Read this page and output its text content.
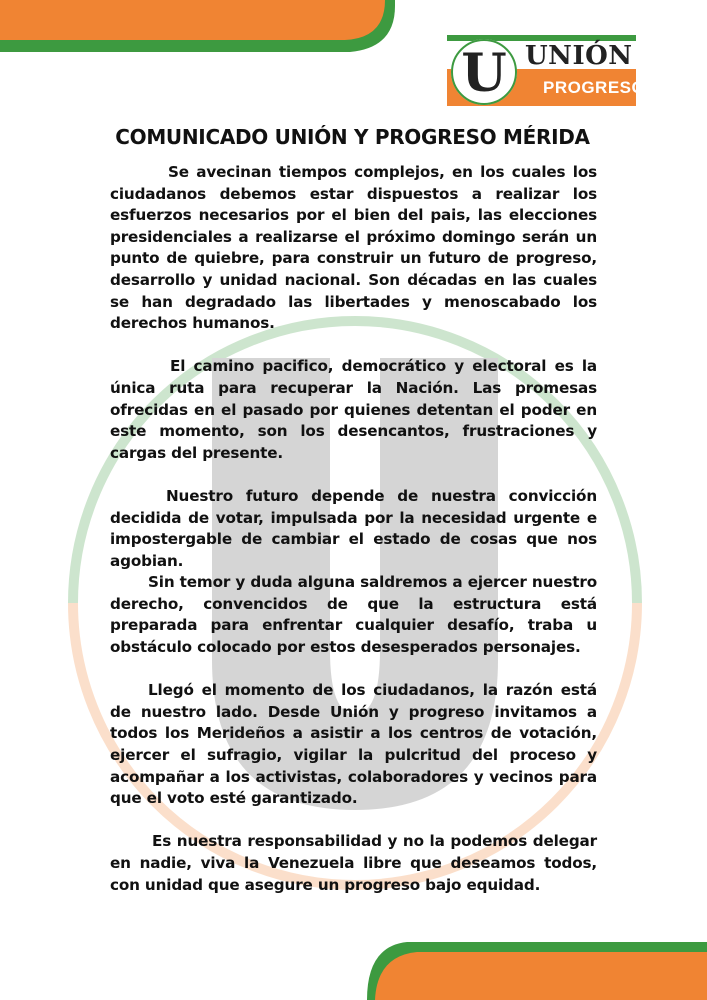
U UNIÓN
PROGRESO
COMUNICADO UNIÓN Y PROGRESO MÉRIDA

Se avecinan tiempos complejos, en los cuales los ciudadanos debemos estar dispuestos a realizar los esfuerzos necesarios por el bien del pais, las elecciones presidenciales a realizarse el próximo domingo serán un punto de quiebre, para construir un futuro de progreso, desarrollo y unidad nacional. Son décadas en las cuales se han degradado las libertades y menoscabado los derechos humanos.

El camino pacifico, democrático y electoral es la única ruta para recuperar la Nación. Las promesas ofrecidas en el pasado por quienes detentan el poder en este momento, son los desencantos, frustraciones y cargas del presente.

Nuestro futuro depende de nuestra convicción decidida de votar, impulsada por la necesidad urgente e impostergable de cambiar el estado de cosas que nos agobian.

Sin temor y duda alguna saldremos a ejercer nuestro derecho, convencidos de que la estructura está preparada para enfrentar cualquier desafío, traba u obstáculo colocado por estos desesperados personajes.

Llegó el momento de los ciudadanos, la razón está de nuestro lado. Desde Unión y progreso invitamos a todos los Merideños a asistir a los centros de votación, ejercer el sufragio, vigilar la pulcritud del proceso y acompañar a los activistas, colaboradores y vecinos para que el voto esté garantizado.

Es nuestra responsabilidad y no la podemos delegar en nadie, viva la Venezuela libre que deseamos todos, con unidad que asegure un progreso bajo equidad.
